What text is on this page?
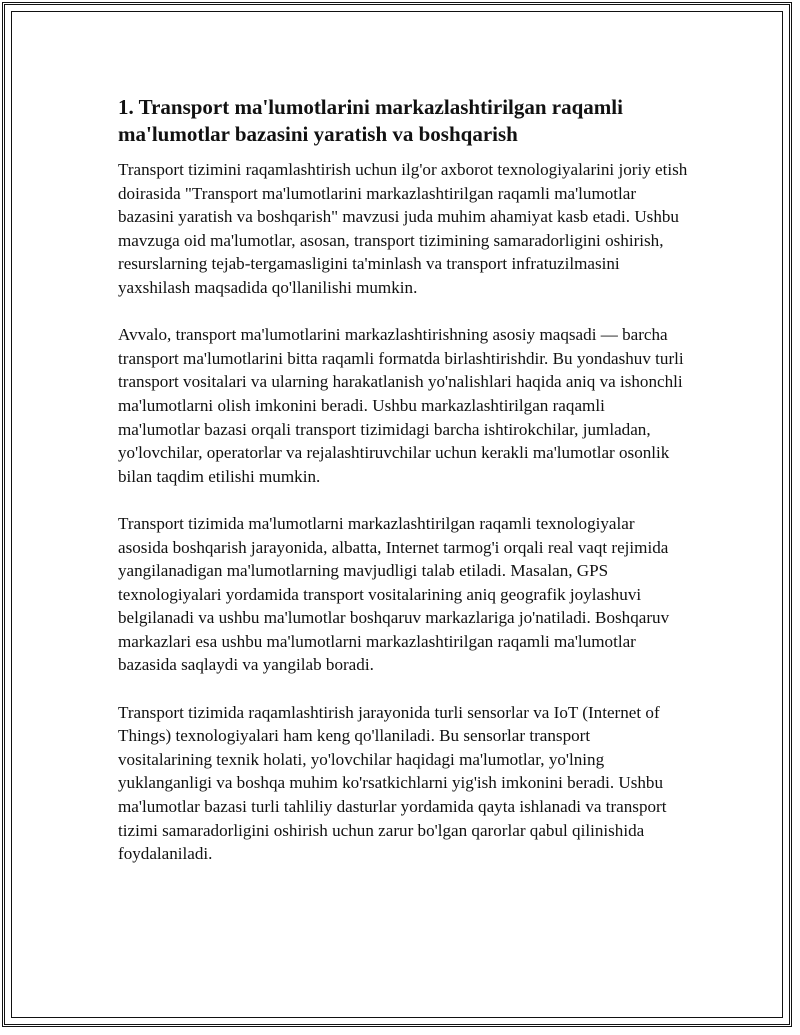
1. Transport ma'lumotlarini markazlashtirilgan raqamli ma'lumotlar bazasini yaratish va boshqarish

Transport tizimini raqamlashtirish uchun ilg'or axborot texnologiyalarini joriy etish doirasida "Transport ma'lumotlarini markazlashtirilgan raqamli ma'lumotlar bazasini yaratish va boshqarish" mavzusi juda muhim ahamiyat kasb etadi. Ushbu mavzuga oid ma'lumotlar, asosan, transport tizimining samaradorligini oshirish, resurslarning tejab-tergamasligini ta'minlash va transport infratuzilmasini yaxshilash maqsadida qo'llanilishi mumkin.

Avvalo, transport ma'lumotlarini markazlashtirishning asosiy maqsadi — barcha transport ma'lumotlarini bitta raqamli formatda birlashtirishdir. Bu yondashuv turli transport vositalari va ularning harakatlanish yo'nalishlari haqida aniq va ishonchli ma'lumotlarni olish imkonini beradi. Ushbu markazlashtirilgan raqamli ma'lumotlar bazasi orqali transport tizimidagi barcha ishtirokchilar, jumladan, yo'lovchilar, operatorlar va rejalashtiruvchilar uchun kerakli ma'lumotlar osonlik bilan taqdim etilishi mumkin.

Transport tizimida ma'lumotlarni markazlashtirilgan raqamli texnologiyalar asosida boshqarish jarayonida, albatta, Internet tarmog'i orqali real vaqt rejimida yangilanadigan ma'lumotlarning mavjudligi talab etiladi. Masalan, GPS texnologiyalari yordamida transport vositalarining aniq geografik joylashuvi belgilanadi va ushbu ma'lumotlar boshqaruv markazlariga jo'natiladi. Boshqaruv markazlari esa ushbu ma'lumotlarni markazlashtirilgan raqamli ma'lumotlar bazasida saqlaydi va yangilab boradi.

Transport tizimida raqamlashtirish jarayonida turli sensorlar va IoT (Internet of Things) texnologiyalari ham keng qo'llaniladi. Bu sensorlar transport vositalarining texnik holati, yo'lovchilar haqidagi ma'lumotlar, yo'lning yuklanganligi va boshqa muhim ko'rsatkichlarni yig'ish imkonini beradi. Ushbu ma'lumotlar bazasi turli tahliliy dasturlar yordamida qayta ishlanadi va transport tizimi samaradorligini oshirish uchun zarur bo'lgan qarorlar qabul qilinishida foydalaniladi.
